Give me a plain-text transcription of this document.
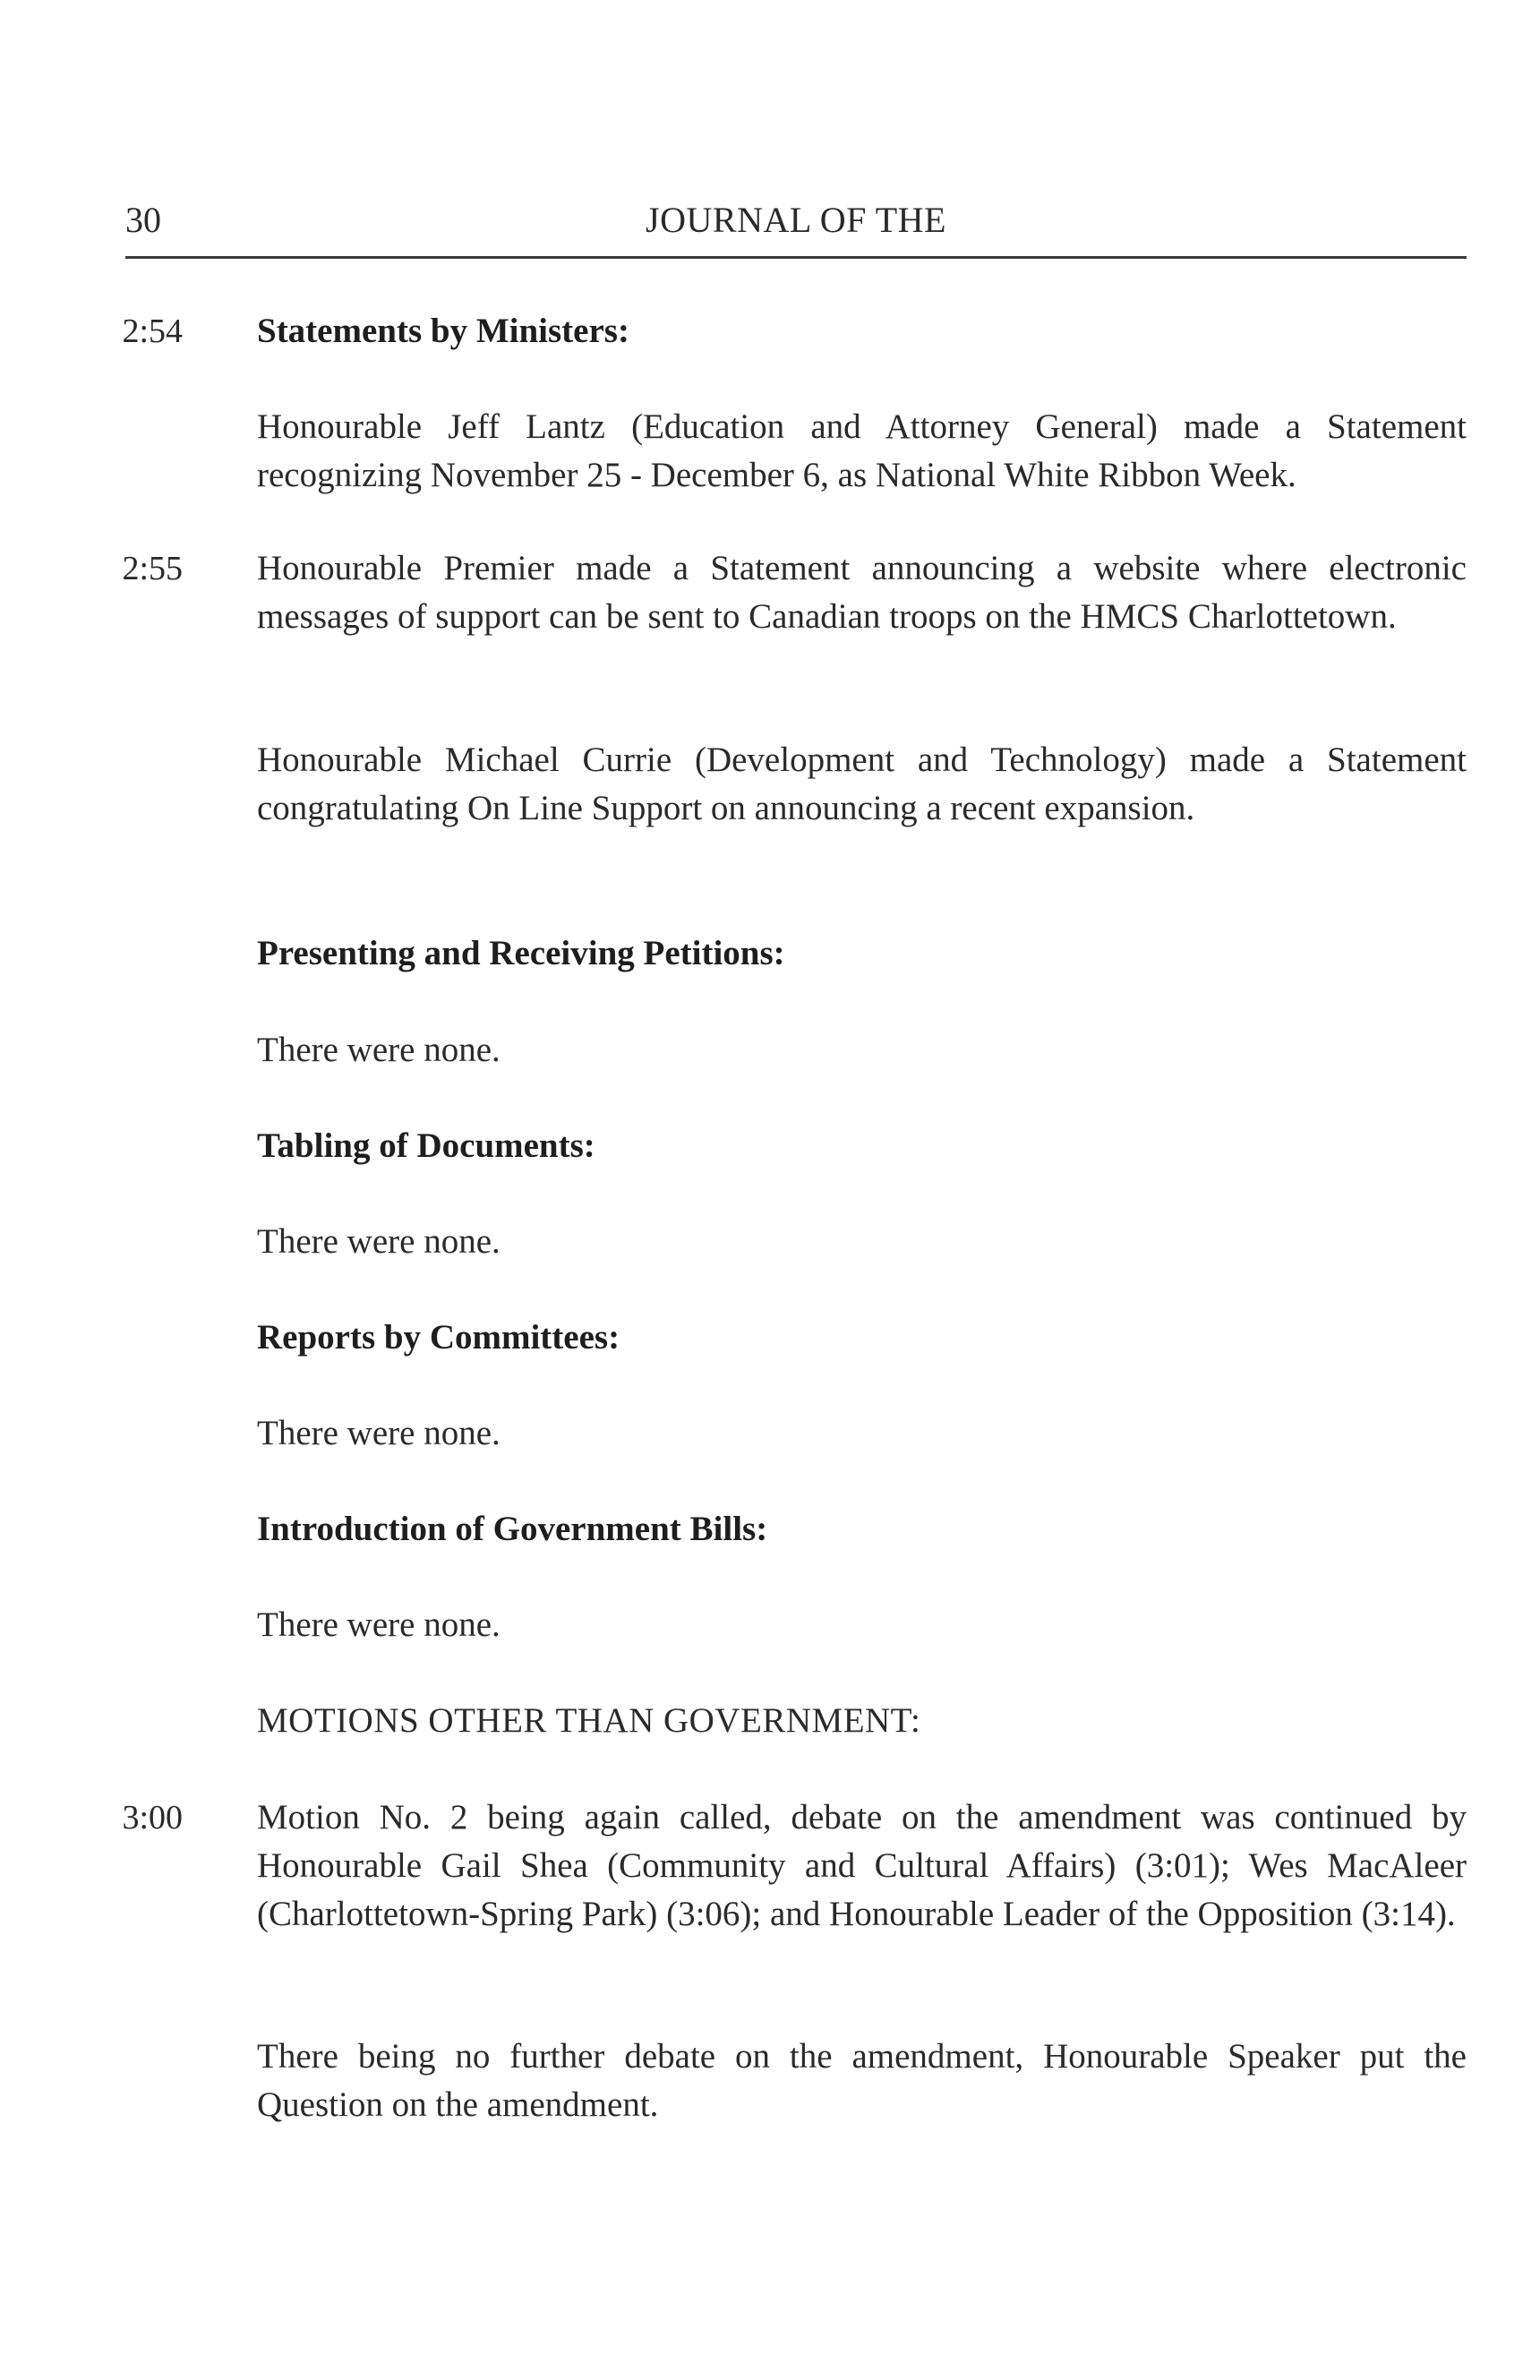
30	JOURNAL OF THE
2:54 Statements by Ministers:
Honourable Jeff Lantz (Education and Attorney General) made a Statement recognizing November 25 - December 6, as National White Ribbon Week.
2:55 Honourable Premier made a Statement announcing a website where electronic messages of support can be sent to Canadian troops on the HMCS Charlottetown.
Honourable Michael Currie (Development and Technology) made a Statement congratulating On Line Support on announcing a recent expansion.
Presenting and Receiving Petitions:
There were none.
Tabling of Documents:
There were none.
Reports by Committees:
There were none.
Introduction of Government Bills:
There were none.
MOTIONS OTHER THAN GOVERNMENT:
3:00 Motion No. 2 being again called, debate on the amendment was continued by Honourable Gail Shea (Community and Cultural Affairs) (3:01); Wes MacAleer (Charlottetown-Spring Park) (3:06); and Honourable Leader of the Opposition (3:14).
There being no further debate on the amendment, Honourable Speaker put the Question on the amendment.
